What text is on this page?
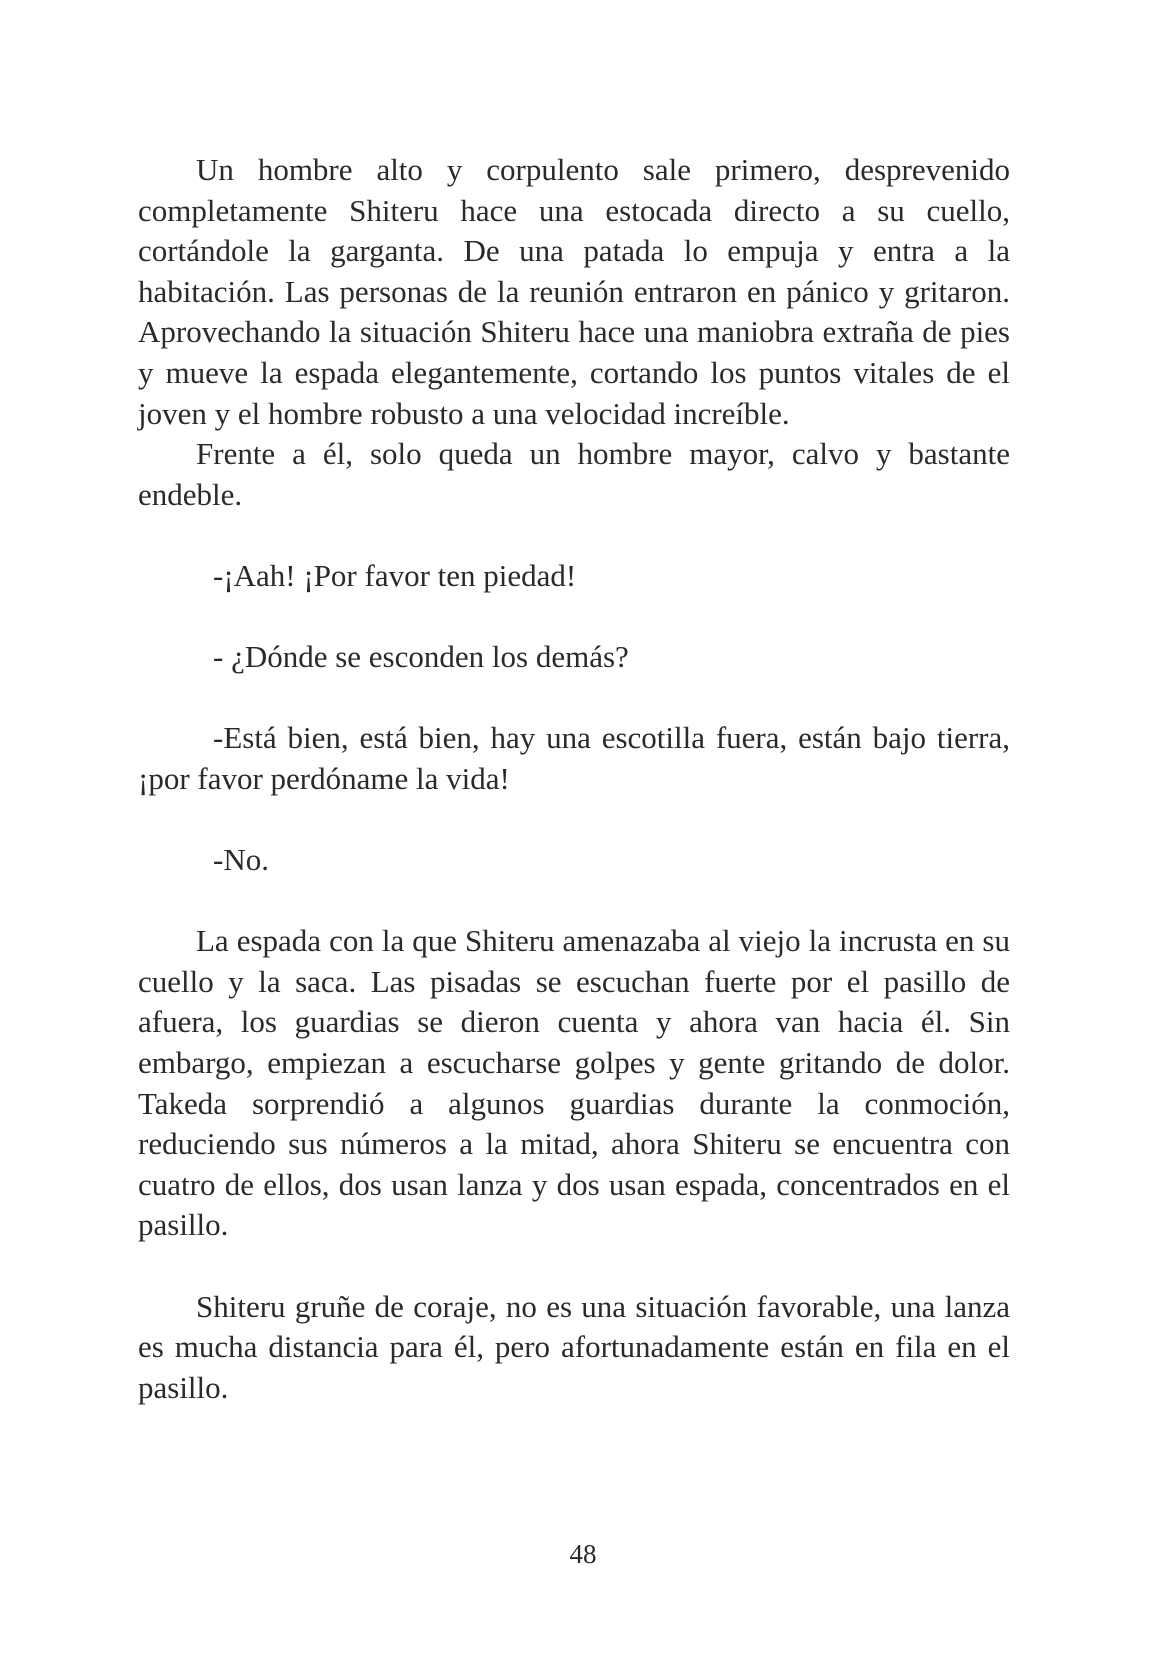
Un hombre alto y corpulento sale primero, desprevenido completamente Shiteru hace una estocada directo a su cuello, cortándole la garganta. De una patada lo empuja y entra a la habitación. Las personas de la reunión entraron en pánico y gritaron. Aprovechando la situación Shiteru hace una maniobra extraña de pies y mueve la espada elegantemente, cortando los puntos vitales de el joven y el hombre robusto a una velocidad increíble.

Frente a él, solo queda un hombre mayor, calvo y bastante endeble.

-¡Aah! ¡Por favor ten piedad!

- ¿Dónde se esconden los demás?

-Está bien, está bien, hay una escotilla fuera, están bajo tierra, ¡por favor perdóname la vida!

-No.

La espada con la que Shiteru amenazaba al viejo la incrusta en su cuello y la saca. Las pisadas se escuchan fuerte por el pasillo de afuera, los guardias se dieron cuenta y ahora van hacia él. Sin embargo, empiezan a escucharse golpes y gente gritando de dolor. Takeda sorprendió a algunos guardias durante la conmoción, reduciendo sus números a la mitad, ahora Shiteru se encuentra con cuatro de ellos, dos usan lanza y dos usan espada, concentrados en el pasillo.

Shiteru gruñe de coraje, no es una situación favorable, una lanza es mucha distancia para él, pero afortunadamente están en fila en el pasillo.

48
